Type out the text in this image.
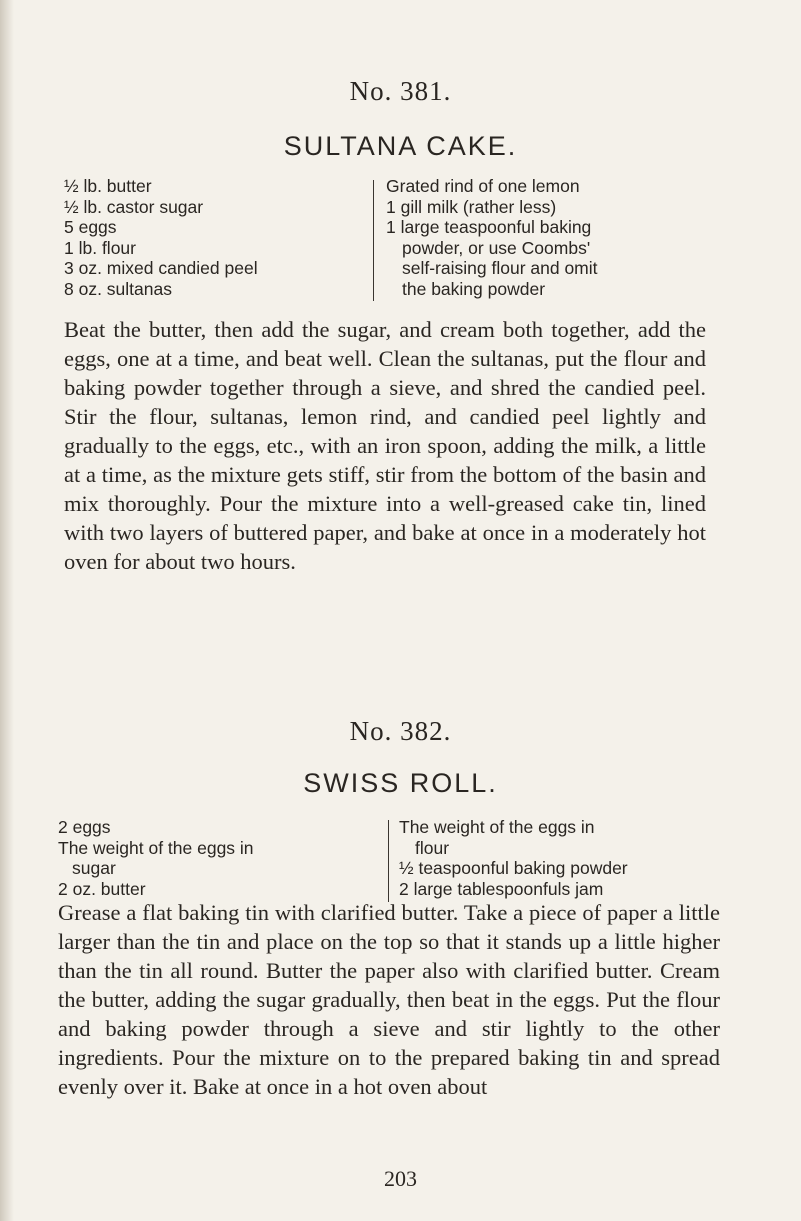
No. 381.
SULTANA CAKE.
½ lb. butter
½ lb. castor sugar
5 eggs
1 lb. flour
3 oz. mixed candied peel
8 oz. sultanas
Grated rind of one lemon
1 gill milk (rather less)
1 large teaspoonful baking
powder, or use Coombs'
self-raising flour and omit
the baking powder
Beat the butter, then add the sugar, and cream both together, add the eggs, one at a time, and beat well. Clean the sultanas, put the flour and baking powder together through a sieve, and shred the candied peel. Stir the flour, sultanas, lemon rind, and candied peel lightly and gradually to the eggs, etc., with an iron spoon, adding the milk, a little at a time, as the mixture gets stiff, stir from the bottom of the basin and mix thoroughly. Pour the mixture into a well-greased cake tin, lined with two layers of buttered paper, and bake at once in a moderately hot oven for about two hours.
No. 382.
SWISS ROLL.
2 eggs
The weight of the eggs in
sugar
2 oz. butter
The weight of the eggs in
flour
½ teaspoonful baking powder
2 large tablespoonfuls jam
Grease a flat baking tin with clarified butter. Take a piece of paper a little larger than the tin and place on the top so that it stands up a little higher than the tin all round. Butter the paper also with clarified butter. Cream the butter, adding the sugar gradually, then beat in the eggs. Put the flour and baking powder through a sieve and stir lightly to the other ingredients. Pour the mixture on to the prepared baking tin and spread evenly over it. Bake at once in a hot oven about
203
